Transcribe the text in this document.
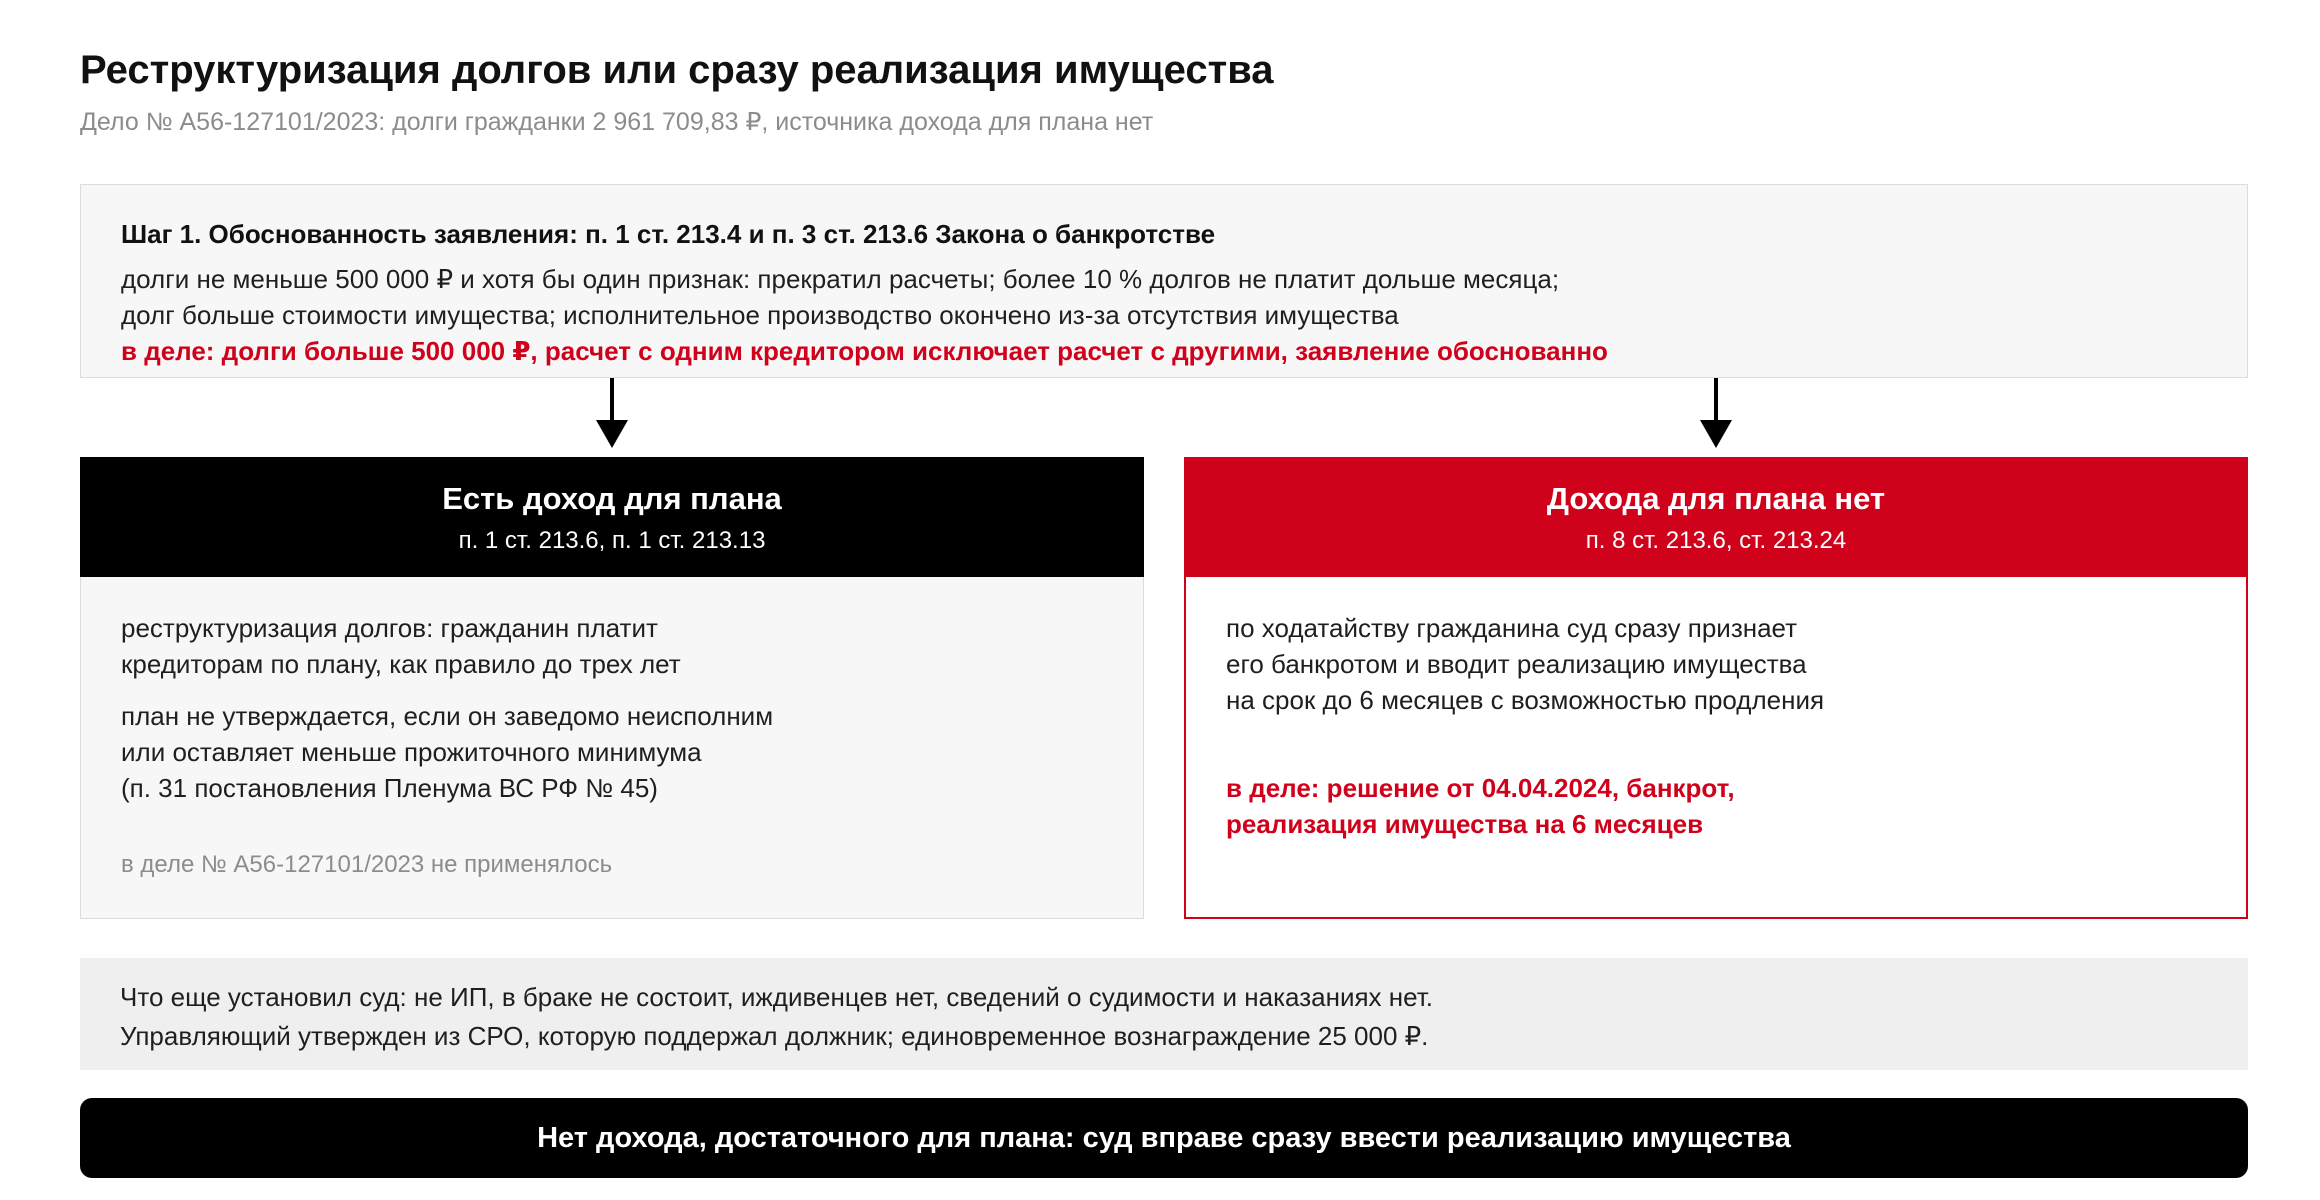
Реструктуризация долгов или сразу реализация имущества
Дело № А56-127101/2023: долги гражданки 2 961 709,83 ₽, источника дохода для плана нет
Шаг 1. Обоснованность заявления: п. 1 ст. 213.4 и п. 3 ст. 213.6 Закона о банкротстве
долги не меньше 500 000 ₽ и хотя бы один признак: прекратил расчеты; более 10 % долгов не платит дольше месяца;
долг больше стоимости имущества; исполнительное производство окончено из-за отсутствия имущества
в деле: долги больше 500 000 ₽, расчет с одним кредитором исключает расчет с другими, заявление обоснованно
Есть доход для плана
п. 1 ст. 213.6, п. 1 ст. 213.13
реструктуризация долгов: гражданин платит
кредиторам по плану, как правило до трех лет
план не утверждается, если он заведомо неисполним
или оставляет меньше прожиточного минимума
(п. 31 постановления Пленума ВС РФ № 45)
в деле № А56-127101/2023 не применялось
Дохода для плана нет
п. 8 ст. 213.6, ст. 213.24
по ходатайству гражданина суд сразу признает
его банкротом и вводит реализацию имущества
на срок до 6 месяцев с возможностью продления
в деле: решение от 04.04.2024, банкрот,
реализация имущества на 6 месяцев
Что еще установил суд: не ИП, в браке не состоит, иждивенцев нет, сведений о судимости и наказаниях нет.
Управляющий утвержден из СРО, которую поддержал должник; единовременное вознаграждение 25 000 ₽.
Нет дохода, достаточного для плана: суд вправе сразу ввести реализацию имущества
